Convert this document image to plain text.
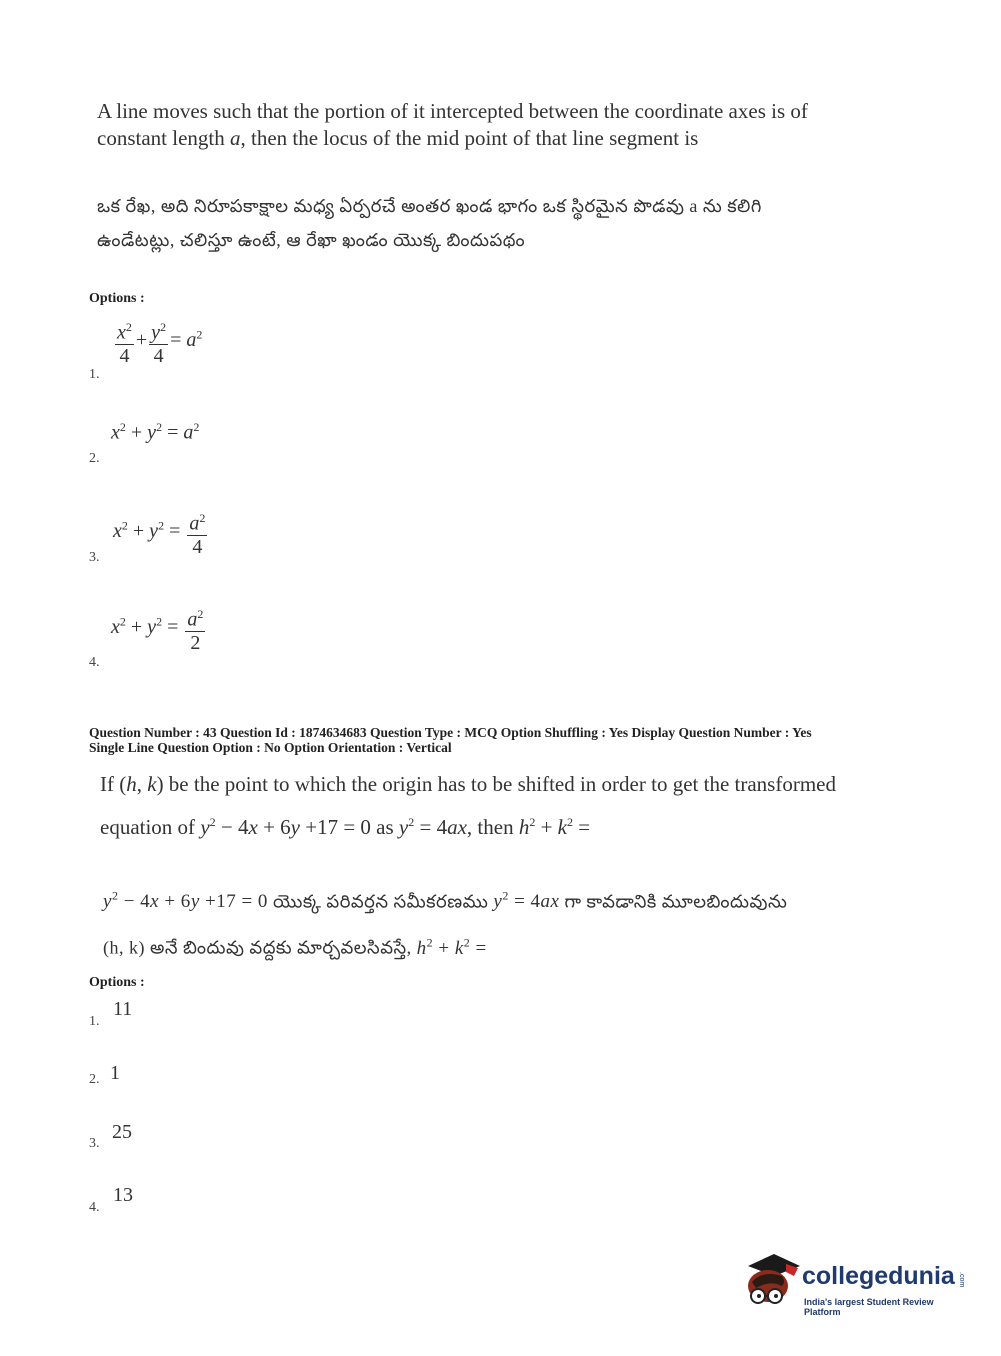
A line moves such that the portion of it intercepted between the coordinate axes is of
constant length a, then the locus of the mid point of that line segment is
ఒక రేఖ, అది నిరూపకాక్షాల మధ్య ఏర్పరచే అంతర ఖండ భాగం ఒక స్థిరమైన పొడవు a ను కలిగి
ఉండేటట్లు, చలిస్తూ ఉంటే, ఆ రేఖా ఖండం యొక్క బిందుపథం
Options :
$\frac{x^2}{4} + \frac{y^2}{4} = a^2$
1.
$x^2 + y^2 = a^2$
2.
$x^2 + y^2 = \frac{a^2}{4}$
3.
$x^2 + y^2 = \frac{a^2}{2}$
4.
Question Number : 43 Question Id : 1874634683 Question Type : MCQ Option Shuffling : Yes Display Question Number : Yes
Single Line Question Option : No Option Orientation : Vertical
If (h, k) be the point to which the origin has to be shifted in order to get the transformed
equation of $y^2 - 4x + 6y +17 = 0$ as $y^2 = 4ax$, then $h^2 + k^2$ =
$y^2 - 4x + 6y +17 = 0$ యొక్క పరివర్తన సమీకరణము $y^2 = 4ax$ గా కావడానికి మూలబిందువును
(h, k) అనే బిందువు వద్దకు మార్చవలసివస్తే, $h^2 + k^2$ =
Options :
11
1.
1
2.
25
3.
13
4.
collegedunia .com
India's largest Student Review Platform
